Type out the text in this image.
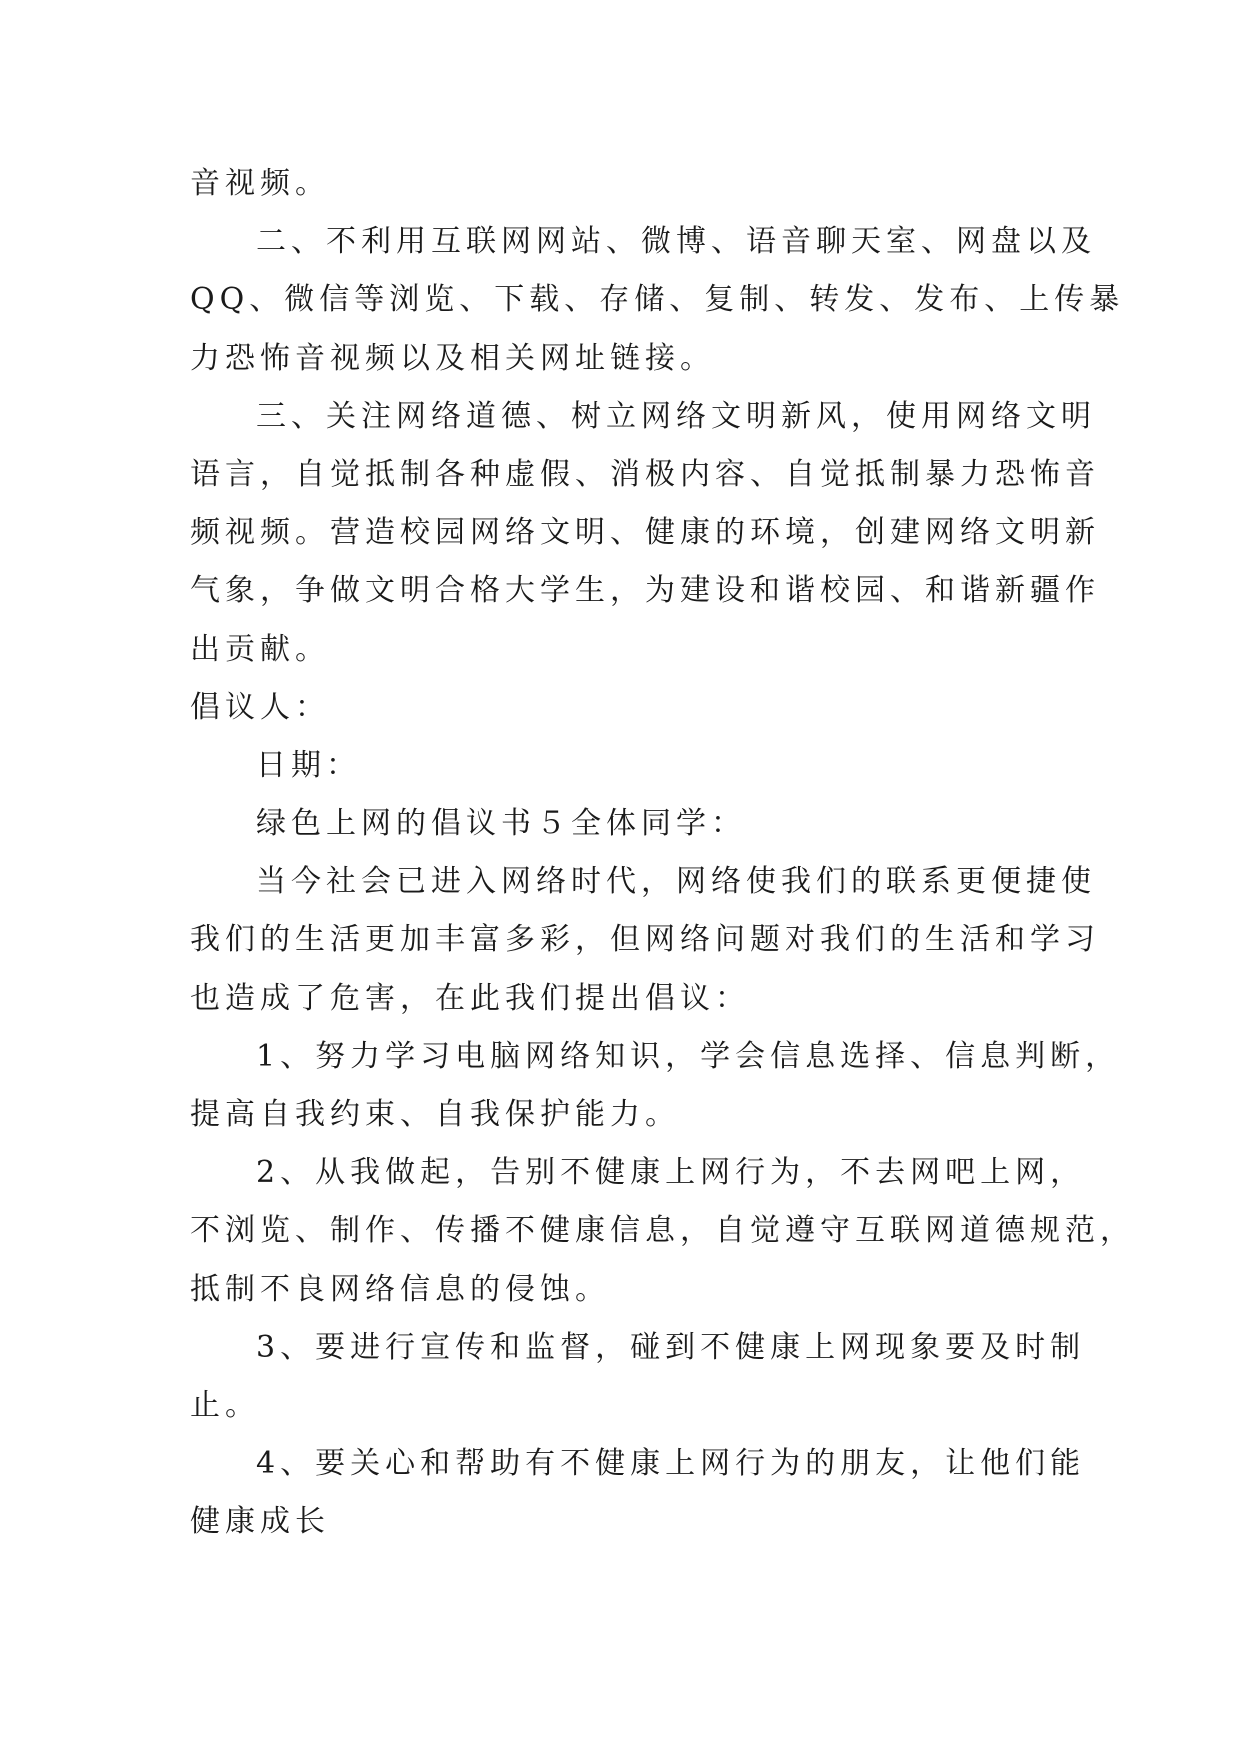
音视频。
二、不利用互联网网站、微博、语音聊天室、网盘以及
QQ、微信等浏览、下载、存储、复制、转发、发布、上传暴
力恐怖音视频以及相关网址链接。
三、关注网络道德、树立网络文明新风，使用网络文明
语言，自觉抵制各种虚假、消极内容、自觉抵制暴力恐怖音
频视频。营造校园网络文明、健康的环境，创建网络文明新
气象，争做文明合格大学生，为建设和谐校园、和谐新疆作
出贡献。
倡议人：
日期：
绿色上网的倡议书５全体同学：
当今社会已进入网络时代，网络使我们的联系更便捷使
我们的生活更加丰富多彩，但网络问题对我们的生活和学习
也造成了危害，在此我们提出倡议：
1、努力学习电脑网络知识，学会信息选择、信息判断，
提高自我约束、自我保护能力。
2、从我做起，告别不健康上网行为，不去网吧上网，
不浏览、制作、传播不健康信息，自觉遵守互联网道德规范，
抵制不良网络信息的侵蚀。
3、要进行宣传和监督，碰到不健康上网现象要及时制
止。
4、要关心和帮助有不健康上网行为的朋友，让他们能
健康成长
